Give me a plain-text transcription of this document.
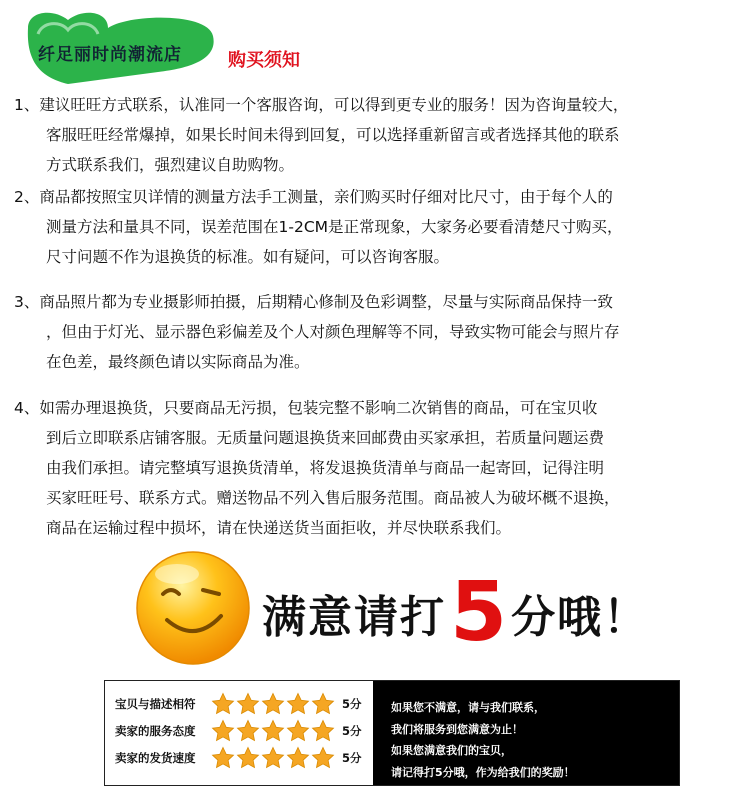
纤足丽时尚潮流店	购买须知
1、建议旺旺方式联系，认准同一个客服咨询，可以得到更专业的服务！因为咨询量较大，
客服旺旺经常爆掉，如果长时间未得到回复，可以选择重新留言或者选择其他的联系
方式联系我们，强烈建议自助购物。
2、商品都按照宝贝详情的测量方法手工测量，亲们购买时仔细对比尺寸，由于每个人的
测量方法和量具不同，误差范围在1-2CM是正常现象，大家务必要看清楚尺寸购买，
尺寸问题不作为退换货的标准。如有疑问，可以咨询客服。
3、商品照片都为专业摄影师拍摄，后期精心修制及色彩调整，尽量与实际商品保持一致
，但由于灯光、显示器色彩偏差及个人对颜色理解等不同，导致实物可能会与照片存
在色差，最终颜色请以实际商品为准。
4、如需办理退换货，只要商品无污损，包装完整不影响二次销售的商品，可在宝贝收
到后立即联系店铺客服。无质量问题退换货来回邮费由买家承担，若质量问题运费
由我们承担。请完整填写退换货清单，将发退换货清单与商品一起寄回，记得注明
买家旺旺号、联系方式。赠送物品不列入售后服务范围。商品被人为破坏概不退换，
商品在运输过程中损坏，请在快递送货当面拒收，并尽快联系我们。
满意请打 5 分哦！
宝贝与描述相符	5分
卖家的服务态度	5分
卖家的发货速度	5分
如果您不满意，请与我们联系，
我们将服务到您满意为止！
如果您满意我们的宝贝，
请记得打5分哦，作为给我们的奖励！
